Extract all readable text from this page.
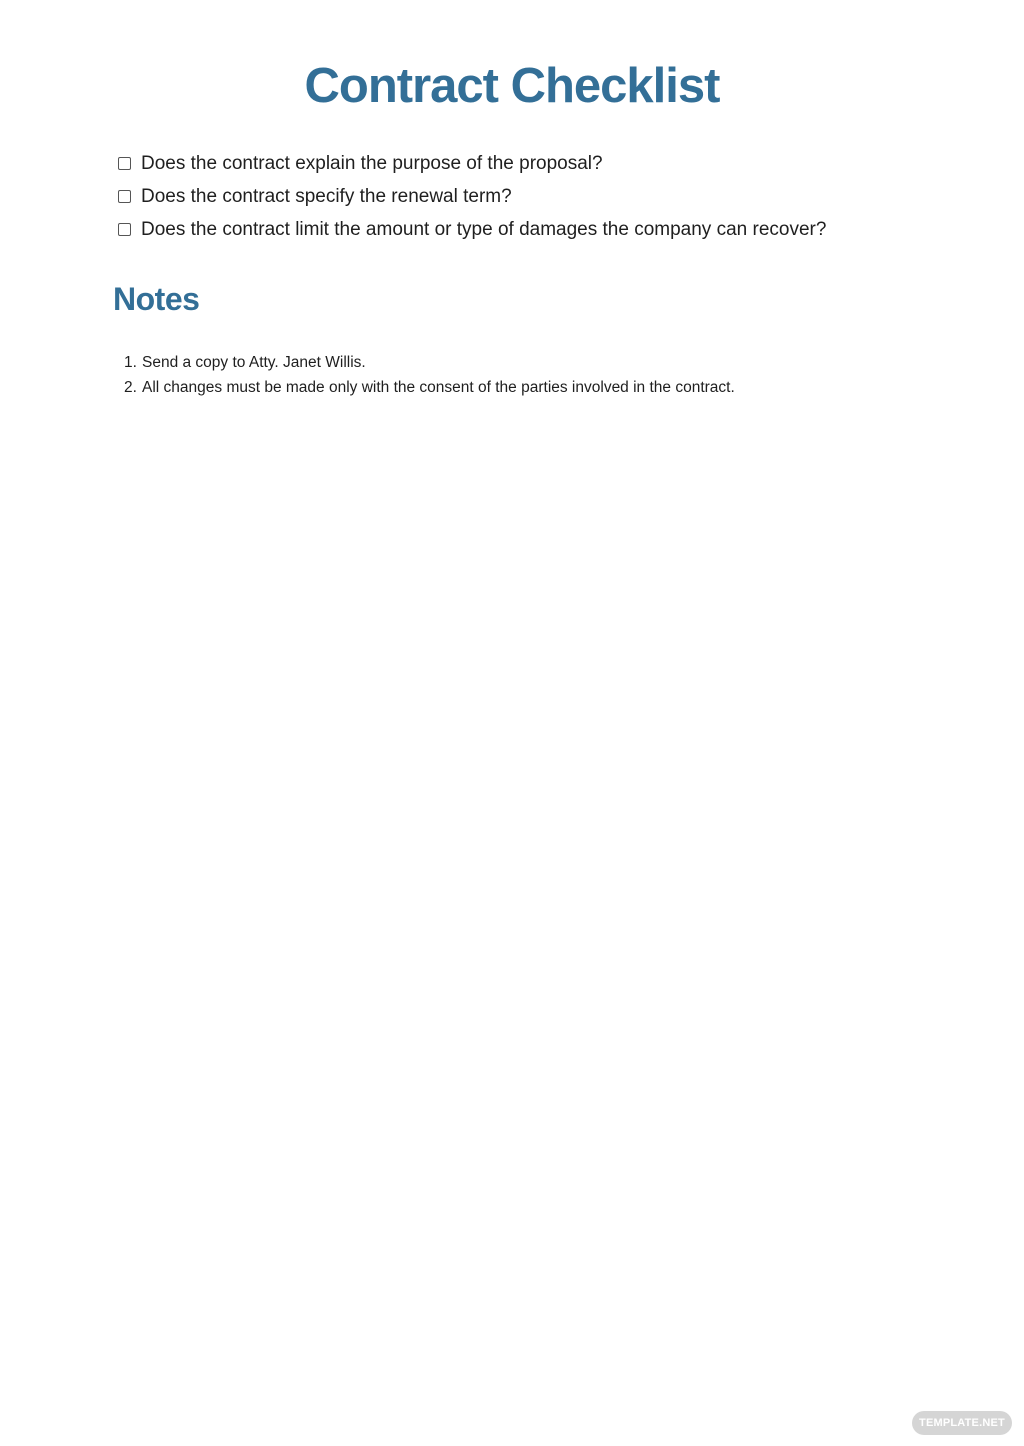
Contract Checklist
Does the contract explain the purpose of the proposal?
Does the contract specify the renewal term?
Does the contract limit the amount or type of damages the company can recover?
Notes
1. Send a copy to Atty. Janet Willis.
2. All changes must be made only with the consent of the parties involved in the contract.
TEMPLATE.NET
